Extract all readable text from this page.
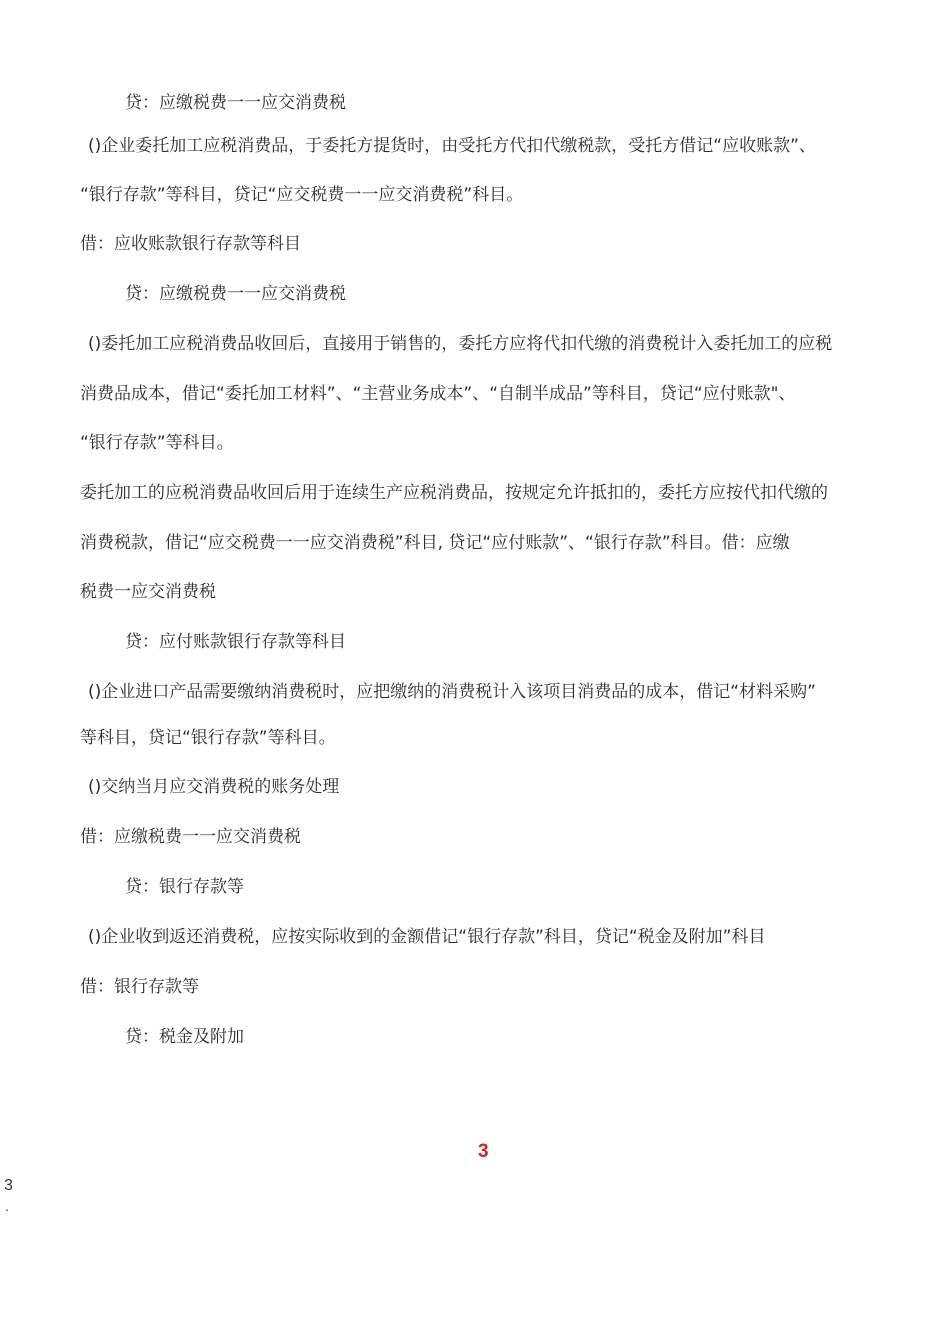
贷：应缴税费一一应交消费税
()企业委托加工应税消费品，于委托方提货时，由受托方代扣代缴税款，受托方借记“应收账款”、
“银行存款”等科目，贷记“应交税费一一应交消费税”科目。
借：应收账款银行存款等科目
贷：应缴税费一一应交消费税
()委托加工应税消费品收回后，直接用于销售的，委托方应将代扣代缴的消费税计入委托加工的应税
消费品成本，借记“委托加工材料”、“主营业务成本”、“自制半成品”等科目，贷记“应付账款"、
“银行存款”等科目。
委托加工的应税消费品收回后用于连续生产应税消费品，按规定允许抵扣的，委托方应按代扣代缴的
消费税款，借记“应交税费一一应交消费税”科目, 贷记“应付账款”、“银行存款”科目。借：应缴
税费一应交消费税
贷：应付账款银行存款等科目
()企业进口产品需要缴纳消费税时，应把缴纳的消费税计入该项目消费品的成本，借记“材料采购”
等科目，贷记“银行存款”等科目。
()交纳当月应交消费税的账务处理
借：应缴税费一一应交消费税
贷：银行存款等
()企业收到返还消费税，应按实际收到的金额借记“银行存款”科目，贷记“税金及附加”科目
借：银行存款等
贷：税金及附加
3
3
.
